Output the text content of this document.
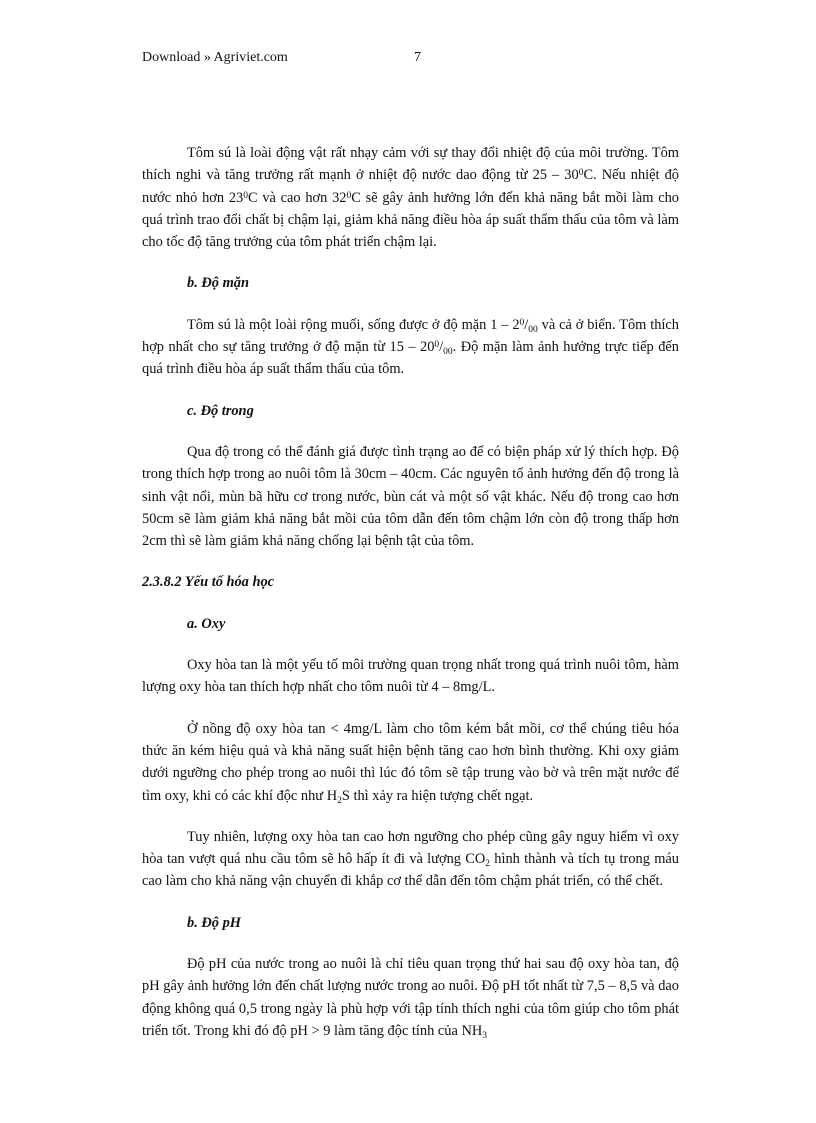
Download » Agriviet.com	7

Tôm sú là loài động vật rất nhạy cảm với sự thay đổi nhiệt độ của môi trường. Tôm thích nghi và tăng trưởng rất mạnh ở nhiệt độ nước dao động từ $25 - 30^0C$. Nếu nhiệt độ nước nhỏ hơn $23^0C$ và cao hơn $32^0C$ sẽ gây ảnh hưởng lớn đến khả năng bắt mồi làm cho quá trình trao đổi chất bị chậm lại, giảm khả năng điều hòa áp suất thẩm thấu của tôm và làm cho tốc độ tăng trưởng của tôm phát triển chậm lại.

b. Độ mặn

Tôm sú là một loài rộng muối, sống được ở độ mặn $1 - 2^0/_{00}$ và cả ở biển. Tôm thích hợp nhất cho sự tăng trưởng ở độ mặn từ $15 - 20^0/_{00}$. Độ mặn làm ảnh hưởng trực tiếp đến quá trình điều hòa áp suất thẩm thấu của tôm.

c. Độ trong

Qua độ trong có thể đánh giá được tình trạng ao để có biện pháp xử lý thích hợp. Độ trong thích hợp trong ao nuôi tôm là 30cm – 40cm. Các nguyên tố ảnh hưởng đến độ trong là sinh vật nổi, mùn bã hữu cơ trong nước, bùn cát và một số vật khác. Nếu độ trong cao hơn 50cm sẽ làm giảm khả năng bắt mồi của tôm dẫn đến tôm chậm lớn còn độ trong thấp hơn 2cm thì sẽ làm giảm khả năng chống lại bệnh tật của tôm.

2.3.8.2 Yếu tố hóa học
a. Oxy

Oxy hòa tan là một yếu tố môi trường quan trọng nhất trong quá trình nuôi tôm, hàm lượng oxy hòa tan thích hợp nhất cho tôm nuôi từ 4 – 8mg/L.

Ở nồng độ oxy hòa tan < 4mg/L làm cho tôm kém bắt mồi, cơ thể chúng tiêu hóa thức ăn kém hiệu quả và khả năng suất hiện bệnh tăng cao hơn bình thường. Khi oxy giảm dưới ngưỡng cho phép trong ao nuôi thì lúc đó tôm sẽ tập trung vào bờ và trên mặt nước để tìm oxy, khi có các khí độc như $H_2S$ thì xảy ra hiện tượng chết ngạt.

Tuy nhiên, lượng oxy hòa tan cao hơn ngưỡng cho phép cũng gây nguy hiểm vì oxy hòa tan vượt quá nhu cầu tôm sẽ hô hấp ít đi và lượng $CO_2$ hình thành và tích tụ trong máu cao làm cho khả năng vận chuyển đi khắp cơ thể dẫn đến tôm chậm phát triển, có thể chết.

b. Độ pH

Độ pH của nước trong ao nuôi là chỉ tiêu quan trọng thứ hai sau độ oxy hòa tan, độ pH gây ảnh hưởng lớn đến chất lượng nước trong ao nuôi. Độ pH tốt nhất từ 7,5 – 8,5 và dao động không quá 0,5 trong ngày là phù hợp với tập tính thích nghi của tôm giúp cho tôm phát triển tốt. Trong khi đó độ pH > 9 làm tăng độc tính của $NH_3$
